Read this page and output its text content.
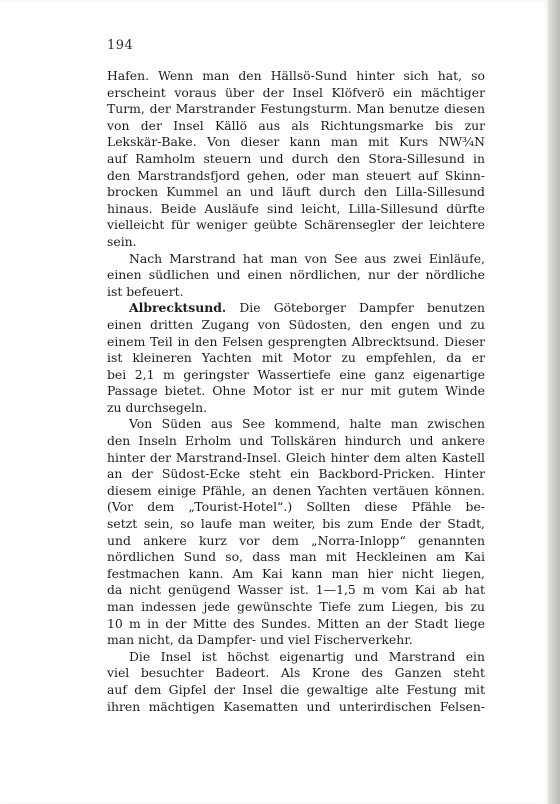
194
Hafen. Wenn man den Hällsö-Sund hinter sich hat, so
erscheint voraus über der Insel Klöfverö ein mächtiger
Turm, der Marstrander Festungsturm. Man benutze diesen
von der Insel Källö aus als Richtungsmarke bis zur
Lekskär-Bake. Von dieser kann man mit Kurs NW¾N
auf Ramholm steuern und durch den Stora-Sillesund in
den Marstrandsfjord gehen, oder man steuert auf Skinn-
brocken Kummel an und läuft durch den Lilla-Sillesund
hinaus. Beide Ausläufe sind leicht, Lilla-Sillesund dürfte
vielleicht für weniger geübte Schärensegler der leichtere
sein.
Nach Marstrand hat man von See aus zwei Einläufe,
einen südlichen und einen nördlichen, nur der nördliche
ist befeuert.
Albrecktsund. Die Göteborger Dampfer benutzen
einen dritten Zugang von Südosten, den engen und zu
einem Teil in den Felsen gesprengten Albrecktsund. Dieser
ist kleineren Yachten mit Motor zu empfehlen, da er
bei 2,1 m geringster Wassertiefe eine ganz eigenartige
Passage bietet. Ohne Motor ist er nur mit gutem Winde
zu durchsegeln.
Von Süden aus See kommend, halte man zwischen
den Inseln Erholm und Tollskären hindurch und ankere
hinter der Marstrand-Insel. Gleich hinter dem alten Kastell
an der Südost-Ecke steht ein Backbord-Pricken. Hinter
diesem einige Pfähle, an denen Yachten vertäuen können.
(Vor dem „Tourist-Hotel“.) Sollten diese Pfähle be-
setzt sein, so laufe man weiter, bis zum Ende der Stadt,
und ankere kurz vor dem „Norra-Inlopp“ genannten
nördlichen Sund so, dass man mit Heckleinen am Kai
festmachen kann. Am Kai kann man hier nicht liegen,
da nicht genügend Wasser ist. 1—1,5 m vom Kai ab hat
man indessen jede gewünschte Tiefe zum Liegen, bis zu
10 m in der Mitte des Sundes. Mitten an der Stadt liege
man nicht, da Dampfer- und viel Fischerverkehr.
Die Insel ist höchst eigenartig und Marstrand ein
viel besuchter Badeort. Als Krone des Ganzen steht
auf dem Gipfel der Insel die gewaltige alte Festung mit
ihren mächtigen Kasematten und unterirdischen Felsen-
